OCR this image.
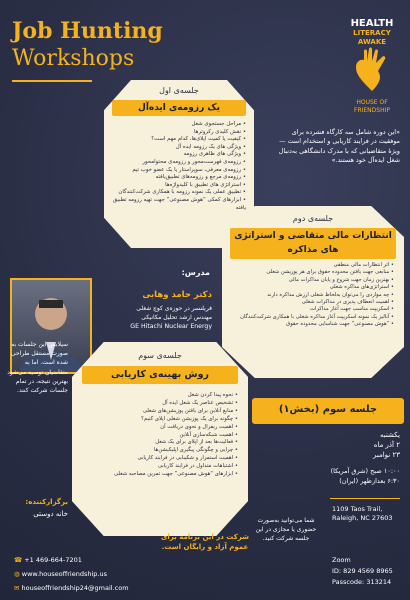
Job Hunting
Workshops
HEALTH
LITERACY AWAKE
HOUSE OF
FRIENDSHIP
جلسه‌ی اول
یک رزومه‌ی ایده‌آل
• مراحل جستجوی شغل
• نقش کلیدی رکروترها
• کیفیت یا کمیت اپلای‌ها، کدام مهم است؟
• ویژگی های یک رزومه ایده آل
• ویژگی های ظاهری رزومه
• رزومه‌ی فهرست‌محور و رزومه‌ی محتوامحور
• رزومه‌ی معرفی، سوپراستار یا یک عضو خوب تیم
• رزومه‌ی مرجع و رزومه‌های تطبیق‌یافته
• استراتژی های تطبیق با کلیدواژه‌ها
• تطبیق عملی یک نمونه رزومه با همکاری شرکت‌کنندگان
• ابزارهای کمکی “هوش مصنوعی” جهت تهیه رزومه تطبیق یافته
«این دوره شامل سه کارگاه فشرده برای موفقیت در فرایند کاریابی و استخدام است — ویژهٔ متقاضیانی که با مدرک دانشگاهی به‌دنبال شغل ایده‌آل خود هستند.»
جلسه‌ی دوم
انتظارات مالی متقاضی و استراتژی های مذاکره
• اثر انتظارات مالی منطقی
• منابعی جهت یافتن محدوده حقوق برای هر پوزیشن شغلی
• بهترین زمان جهت شروع و پایان مذاکرات مالی
• استراتژی‌های مذاکره شغلی
• چه مواردی را می‌توان به‌لحاظ شغلی ارزش مذاکره دارند
• اهمیت انعطاف پذیری در مذاکرات شغلی
• اسکریپت مناسب جهت آغاز مذاکرات
• آنالیز یک نمونه اسکریپت آغاز مذاکره شغلی با همکاری شرکت‌کنندگان
• “هوش مصنوعی” جهت شناسایی محدوده حقوق
مدرس:
دکتر حامد وهابی
فریلنسر در حوزه‌ی کوچ شغلی
مهندس ارشد تحلیل مکانیکی
GE Hitachi Nuclear Energy
سیلابس این جلسات به صورت مستقل طراحی شده است. اما به متقاضیان توصیه می‌شود بهترین نتیجه، در تمام جلسات شرکت کنند.
جلسه‌ی سوم
روش بهینه‌ی کاریابی
• نحوه پیدا کردن شغل
• تشخیص عناصر یک شغل ایده آل
• منابع آنلاین برای یافتن پوزیشن‌های شغلی
• چگونه برای یک پوزیشن شغلی اپلای کنیم؟
• اهمیت ریفرال و نحوی دریافت آن
• اهمیت شبکه‌سازی آنلاین
• فعالیت‌ها بعد از اپلای برای یک شغل
• چرایی و چگونگی پیگیری اپلیکیشن‌ها
• اهمیت استمرار و شکیبایی در فرایند کاریابی
• اشتباهات متداول در فرایند کاریابی
• ابزارهای “هوش مصنوعی” جهت تمرین مصاحبه شغلی
جلسه سوم (بخش۱)
یکشنبه
۲ آذر ماه
۲۳ نوامبر
۱۰:۰۰ صبح (شرق آمریکا)
۶:۳۰ بعدازظهر (ایران)
1109 Taos Trail,
Raleigh, NC 27603
Zoom
ID: 829 4569 8965
Passcode: 313214
شما می‌توانید به‌صورت حضوری یا مجازی در این جلسه شرکت کنید.
شرکت در این برنامه برای عموم آزاد و رایگان است.
برگزارکننده:
خانه دوستی
☎ +1 469-664-7201
◍ www.houseoffriendship.us
✉ houseoffriendship24@gmail.com
